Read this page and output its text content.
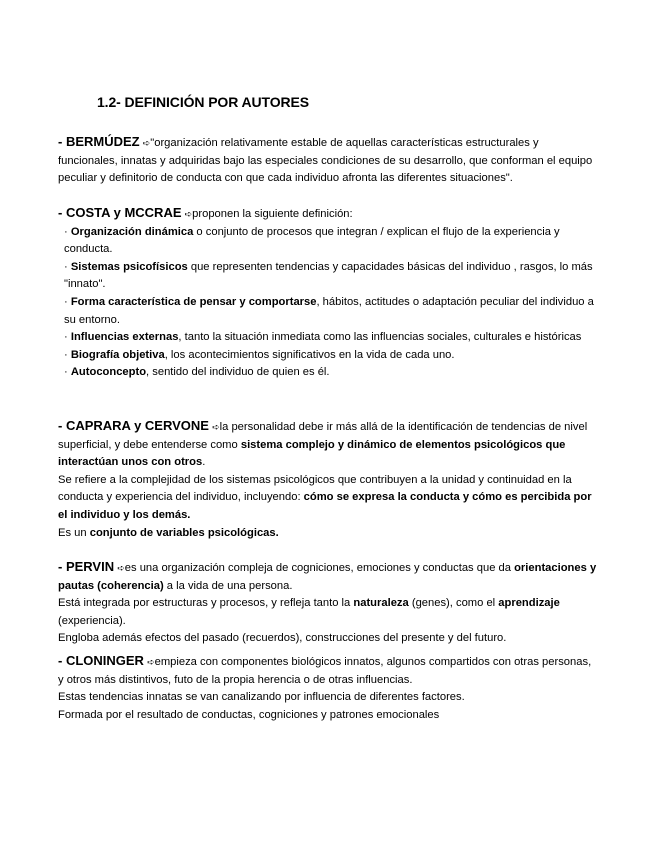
1.2- DEFINICIÓN POR AUTORES

- BERMÚDEZ ➪"organización relativamente estable de aquellas características estructurales y funcionales, innatas y adquiridas bajo las especiales condiciones de su desarrollo, que conforman el equipo peculiar y definitorio de conducta con que cada individuo afronta las diferentes situaciones".

- COSTA y MCCRAE ➪proponen la siguiente definición:

· Organización dinámica o conjunto de procesos que integran / explican el flujo de la experiencia y conducta.

· Sistemas psicofísicos que representen tendencias y capacidades básicas del individuo , rasgos, lo más "innato".

· Forma característica de pensar y comportarse, hábitos, actitudes o adaptación peculiar del individuo a su entorno.

· Influencias externas, tanto la situación inmediata como las influencias sociales, culturales e históricas

· Biografía objetiva, los acontecimientos significativos en la vida de cada uno.

· Autoconcepto, sentido del individuo de quien es él.

- CAPRARA y CERVONE ➪la personalidad debe ir más allá de la identificación de tendencias de nivel superficial, y debe entenderse como sistema complejo y dinámico de elementos psicológicos que interactúan unos con otros.

Se refiere a la complejidad de los sistemas psicológicos que contribuyen a la unidad y continuidad en la conducta y experiencia del individuo, incluyendo: cómo se expresa la conducta y cómo es percibida por el individuo y los demás.

Es un conjunto de variables psicológicas.

- PERVIN ➪es una organización compleja de cogniciones, emociones y conductas que da orientaciones y pautas (coherencia) a la vida de una persona.

Está integrada por estructuras y procesos, y refleja tanto la naturaleza (genes), como el aprendizaje (experiencia).

Engloba además efectos del pasado (recuerdos), construcciones del presente y del futuro.

- CLONINGER ➪empieza con componentes biológicos innatos, algunos compartidos con otras personas, y otros más distintivos, futo de la propia herencia o de otras influencias.

Estas tendencias innatas se van canalizando por influencia de diferentes factores.

Formada por el resultado de conductas, cogniciones y patrones emocionales
